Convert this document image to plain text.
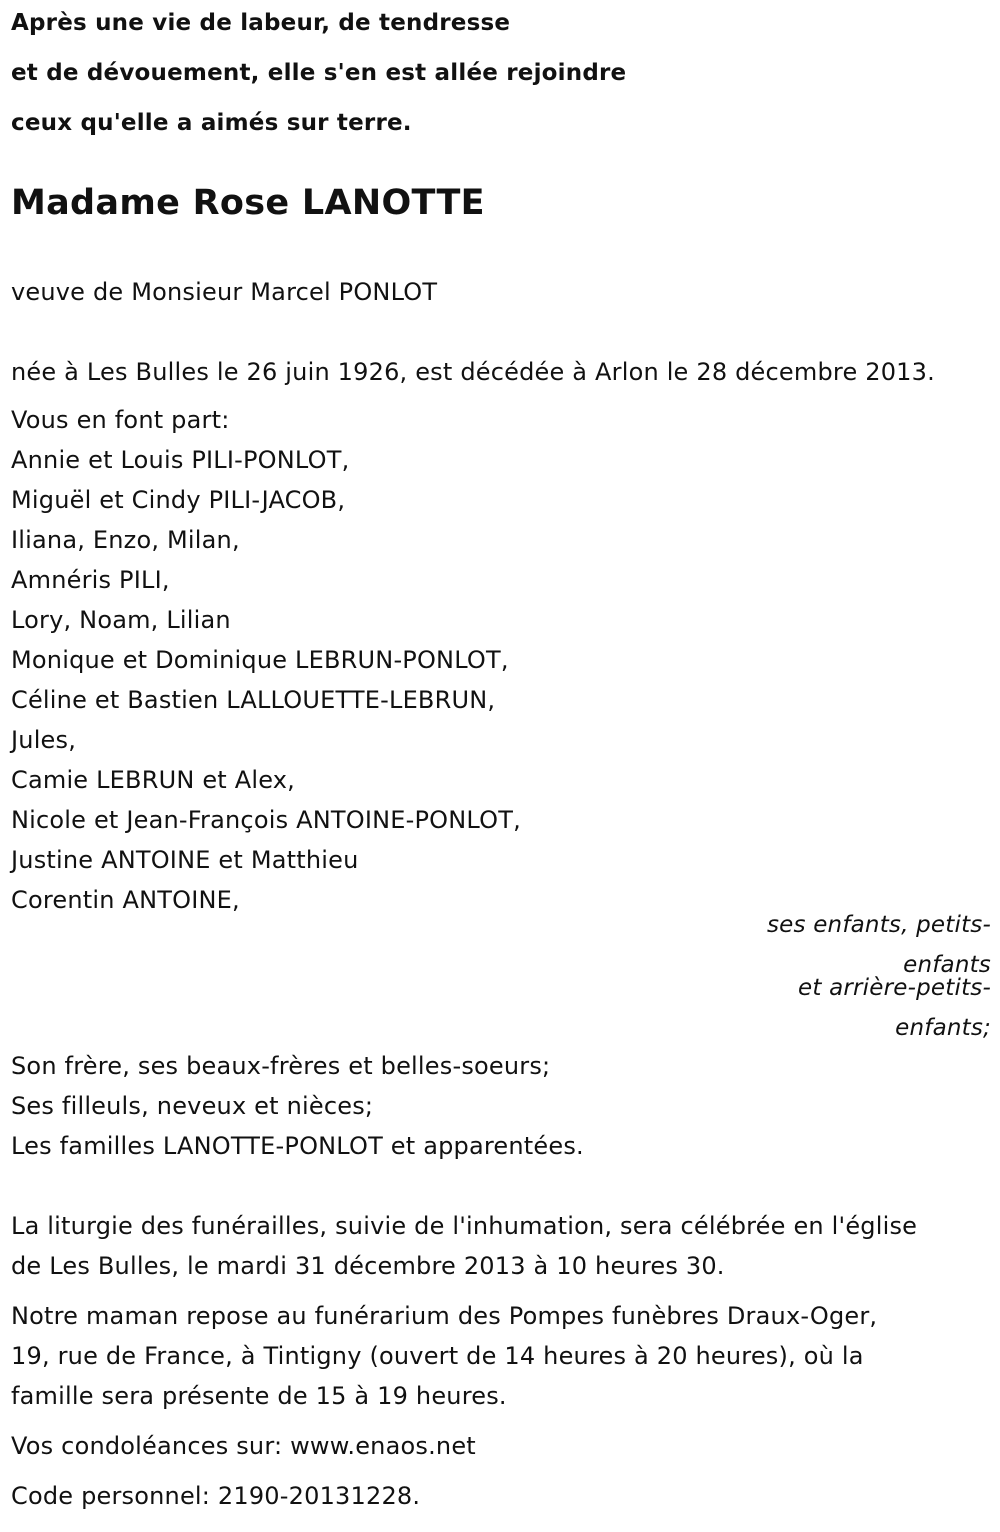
Après une vie de labeur, de tendresse

et de dévouement, elle s'en est allée rejoindre

ceux qu'elle a aimés sur terre.

Madame Rose LANOTTE

veuve de Monsieur Marcel PONLOT

née à Les Bulles le 26 juin 1926, est décédée à Arlon le 28 décembre 2013.

Vous en font part:

Annie et Louis PILI-PONLOT,

Miguël et Cindy PILI-JACOB,

Iliana, Enzo, Milan,

Amnéris PILI,

Lory, Noam, Lilian

Monique et Dominique LEBRUN-PONLOT,

Céline et Bastien LALLOUETTE-LEBRUN,

Jules,

Camie LEBRUN et Alex,

Nicole et Jean-François ANTOINE-PONLOT,

Justine ANTOINE et Matthieu

Corentin ANTOINE,

ses enfants, petits-

enfants

et arrière-petits-

enfants;

Son frère, ses beaux-frères et belles-soeurs;

Ses filleuls, neveux et nièces;

Les familles LANOTTE-PONLOT et apparentées.

La liturgie des funérailles, suivie de l'inhumation, sera célébrée en l'église

de Les Bulles, le mardi 31 décembre 2013 à 10 heures 30.

Notre maman repose au funérarium des Pompes funèbres Draux-Oger,

19, rue de France, à Tintigny (ouvert de 14 heures à 20 heures), où la

famille sera présente de 15 à 19 heures.

Vos condoléances sur: www.enaos.net

Code personnel: 2190-20131228.
